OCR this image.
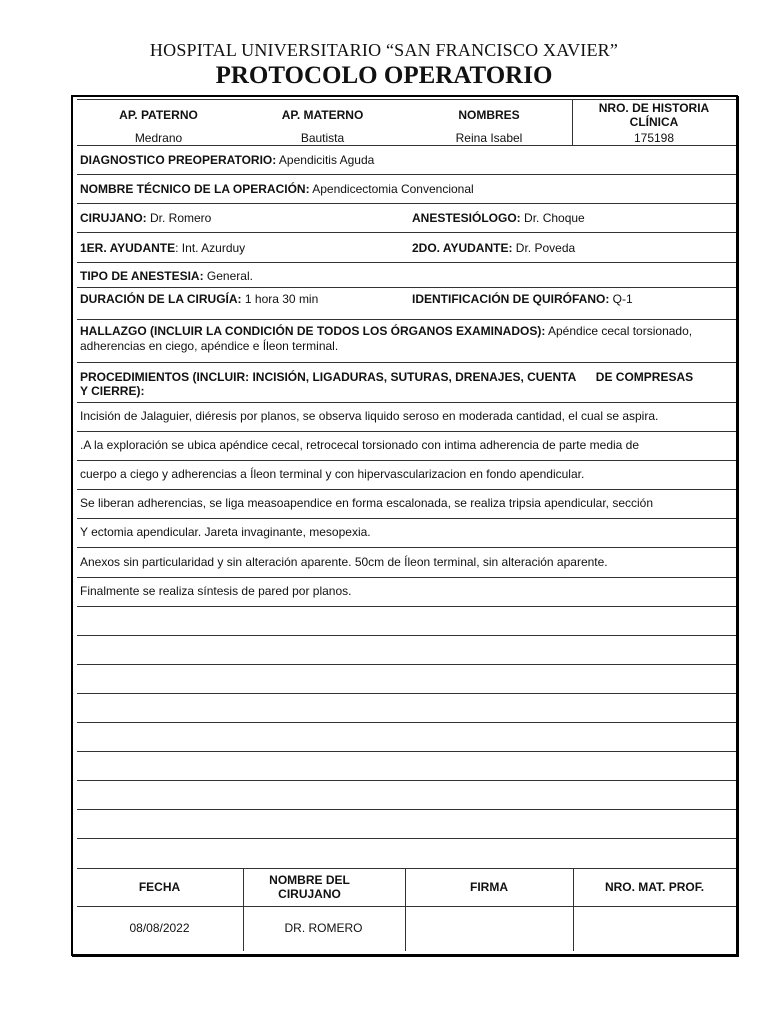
HOSPITAL UNIVERSITARIO “SAN FRANCISCO XAVIER”
PROTOCOLO OPERATORIO
AP. PATERNO	AP. MATERNO	NOMBRES	NRO. DE HISTORIA CLÍNICA
Medrano	Bautista	Reina Isabel	175198
DIAGNOSTICO PREOPERATORIO: Apendicitis Aguda
NOMBRE TÉCNICO DE LA OPERACIÓN: Apendicectomia Convencional
CIRUJANO: Dr. Romero	ANESTESIÓLOGO: Dr. Choque
1ER. AYUDANTE: Int. Azurduy	2DO. AYUDANTE: Dr. Poveda
TIPO DE ANESTESIA: General.
DURACIÓN DE LA CIRUGÍA: 1 hora 30 min	IDENTIFICACIÓN DE QUIRÓFANO: Q-1
HALLAZGO (INCLUIR LA CONDICIÓN DE TODOS LOS ÓRGANOS EXAMINADOS): Apéndice cecal torsionado,
adherencias en ciego, apéndice e Íleon terminal.
PROCEDIMIENTOS (INCLUIR: INCISIÓN, LIGADURAS, SUTURAS, DRENAJES, CUENTA      DE COMPRESAS
Y CIERRE):
Incisión de Jalaguier, diéresis por planos, se observa liquido seroso en moderada cantidad, el cual se aspira.
.A la exploración se ubica apéndice cecal, retrocecal torsionado con intima adherencia de parte media de
cuerpo a ciego y adherencias a Íleon terminal y con hipervascularizacion en fondo apendicular.
Se liberan adherencias, se liga measoapendice en forma escalonada, se realiza tripsia apendicular, sección
Y ectomia apendicular. Jareta invaginante, mesopexia.
Anexos sin particularidad y sin alteración aparente. 50cm de Íleon terminal, sin alteración aparente.
Finalmente se realiza síntesis de pared por planos.
FECHA	NOMBRE DEL CIRUJANO	FIRMA	NRO. MAT. PROF.
08/08/2022	DR. ROMERO
